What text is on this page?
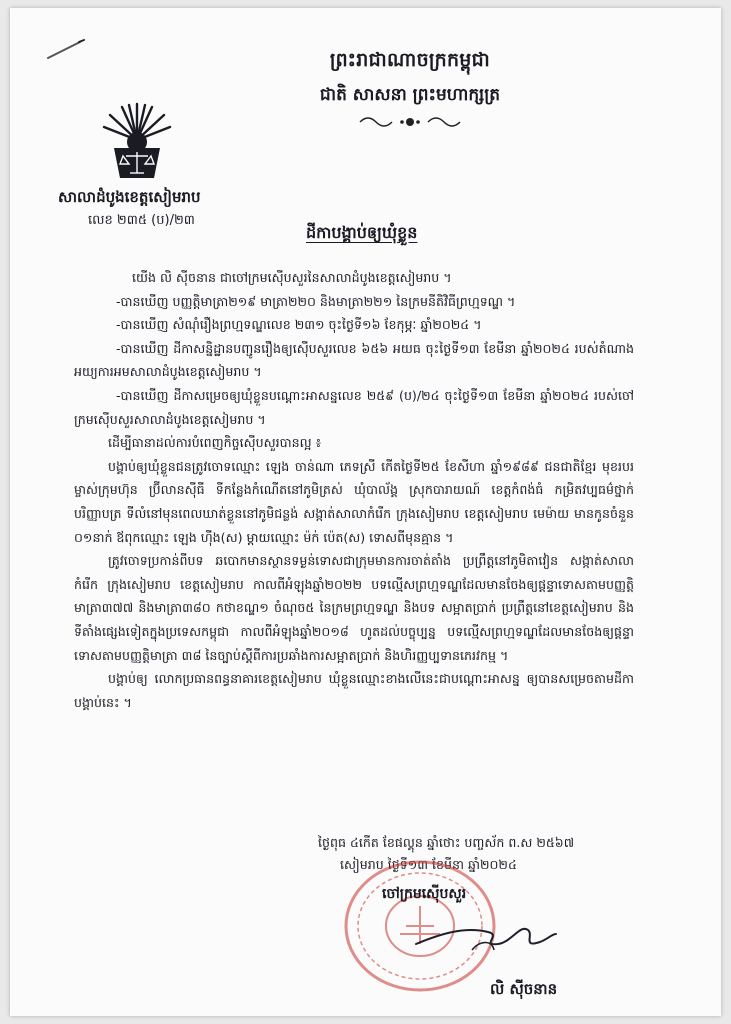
ព្រះរាជាណាចក្រកម្ពុជា
ជាតិ សាសនា ព្រះមហាក្សត្រ
សាលាដំបូងខេត្តសៀមរាប
លេខ ២៣៥ (ប)/២៣
ដីកាបង្គាប់ឲ្យឃុំខ្លួន

យើង លិ ស៊ីចនាន ជាចៅក្រមស៊ើបសួរនៃសាលាដំបូងខេត្តសៀមរាប ។

-បានឃើញ បញ្ញត្តិមាត្រា២១៩ មាត្រា២២០ និងមាត្រា២២១ នៃក្រមនីតិវិធីព្រហ្មទណ្ឌ ។

-បានឃើញ សំណុំរឿងព្រហ្មទណ្ឌលេខ ២៣១ ចុះថ្ងៃទី១៦ ខែកុម្ភៈ ឆ្នាំ២០២៤ ។

-បានឃើញ ដីកាសន្និដ្ឋានបញ្ជូនរឿងឲ្យស៊ើបសួរលេខ ៦៥៦ អយធ ចុះថ្ងៃទី១៣ ខែមីនា ឆ្នាំ២០២៤ របស់តំណាងអយ្យការអមសាលាដំបូងខេត្តសៀមរាប ។

-បានឃើញ ដីកាសម្រេចឲ្យឃុំខ្លួនបណ្ដោះអាសន្នលេខ ២៥៩ (ប)/២៤ ចុះថ្ងៃទី១៣ ខែមីនា ឆ្នាំ២០២៤ របស់ចៅក្រមស៊ើបសួរសាលាដំបូងខេត្តសៀមរាប ។

ដើម្បីធានាដល់ការបំពេញកិច្ចស៊ើបសួរបានល្អ ៖

បង្គាប់ឲ្យឃុំខ្លួនជនត្រូវចោទឈ្មោះ ឡេង ចាន់ណា ភេទស្រី កើតថ្ងៃទី២៥ ខែសីហា ឆ្នាំ១៩៨៩ ជនជាតិខ្មែរ មុខរបរ ម្ចាស់ក្រុមហ៊ុន ប្រ៊ីលានស៊ីធី ទីកន្លែងកំណើតនៅភូមិត្រស់ ឃុំបាល័ង្គ ស្រុកបារាយណ៍ ខេត្តកំពង់ធំ កម្រិតវប្បធម៌ថ្នាក់បរិញ្ញាបត្រ ទីលំនៅមុនពេលឃាត់ខ្លួននៅភូមិជន្លង់ សង្កាត់សាលាកំរើក ក្រុងសៀមរាប ខេត្តសៀមរាប មេម៉ាយ មានកូនចំនួន ០១នាក់ ឪពុកឈ្មោះ ឡេង ហ៊ីង(ស) ម្ដាយឈ្មោះ ម៉ក់ ប៉េត(ស) ទោសពីមុនគ្មាន ។

ត្រូវចោទប្រកាន់ពីបទ ឆបោកមានស្ថានទម្ងន់ទោសជាក្រុមមានការចាត់តាំង ប្រព្រឹត្តនៅភូមិតាវៀន សង្កាត់សាលាកំរើក ក្រុងសៀមរាប ខេត្តសៀមរាប កាលពីអំឡុងឆ្នាំ២០២២ បទល្មើសព្រហ្មទណ្ឌដែលមានចែងឲ្យផ្តន្ទាទោសតាមបញ្ញត្តិមាត្រា៣៧៧ និងមាត្រា៣៨០ កថាខណ្ឌ១ ចំណុច៥ នៃក្រមព្រហ្មទណ្ឌ និងបទ សម្អាតប្រាក់ ប្រព្រឹត្តនៅខេត្តសៀមរាប និងទីតាំងផ្សេងទៀតក្នុងប្រទេសកម្ពុជា កាលពីអំឡុងឆ្នាំ២០១៨ ហូតដល់បច្ចុប្បន្ន បទល្មើសព្រហ្មទណ្ឌដែលមានចែងឲ្យផ្តន្ទាទោសតាមបញ្ញត្តិមាត្រា ៣៨ នៃច្បាប់ស្តីពីការប្រឆាំងការសម្អាតប្រាក់ និងហិរញ្ញប្បទានភេរវកម្ម ។

បង្គាប់ឲ្យ លោកប្រធានពន្ធនាគារខេត្តសៀមរាប ឃុំខ្លួនឈ្មោះខាងលើនេះជាបណ្ដោះអាសន្ន ឲ្យបានសម្រេចតាមដីកាបង្គាប់នេះ ។

ថ្ងៃពុធ ៤កើត ខែផល្គុន ឆ្នាំថោះ បញ្ចស័ក ព.ស ២៥៦៧
សៀមរាប ថ្ងៃទី១៣ ខែមីនា ឆ្នាំ២០២៤
ចៅក្រមស៊ើបសួរ
លិ ស៊ីចនាន
